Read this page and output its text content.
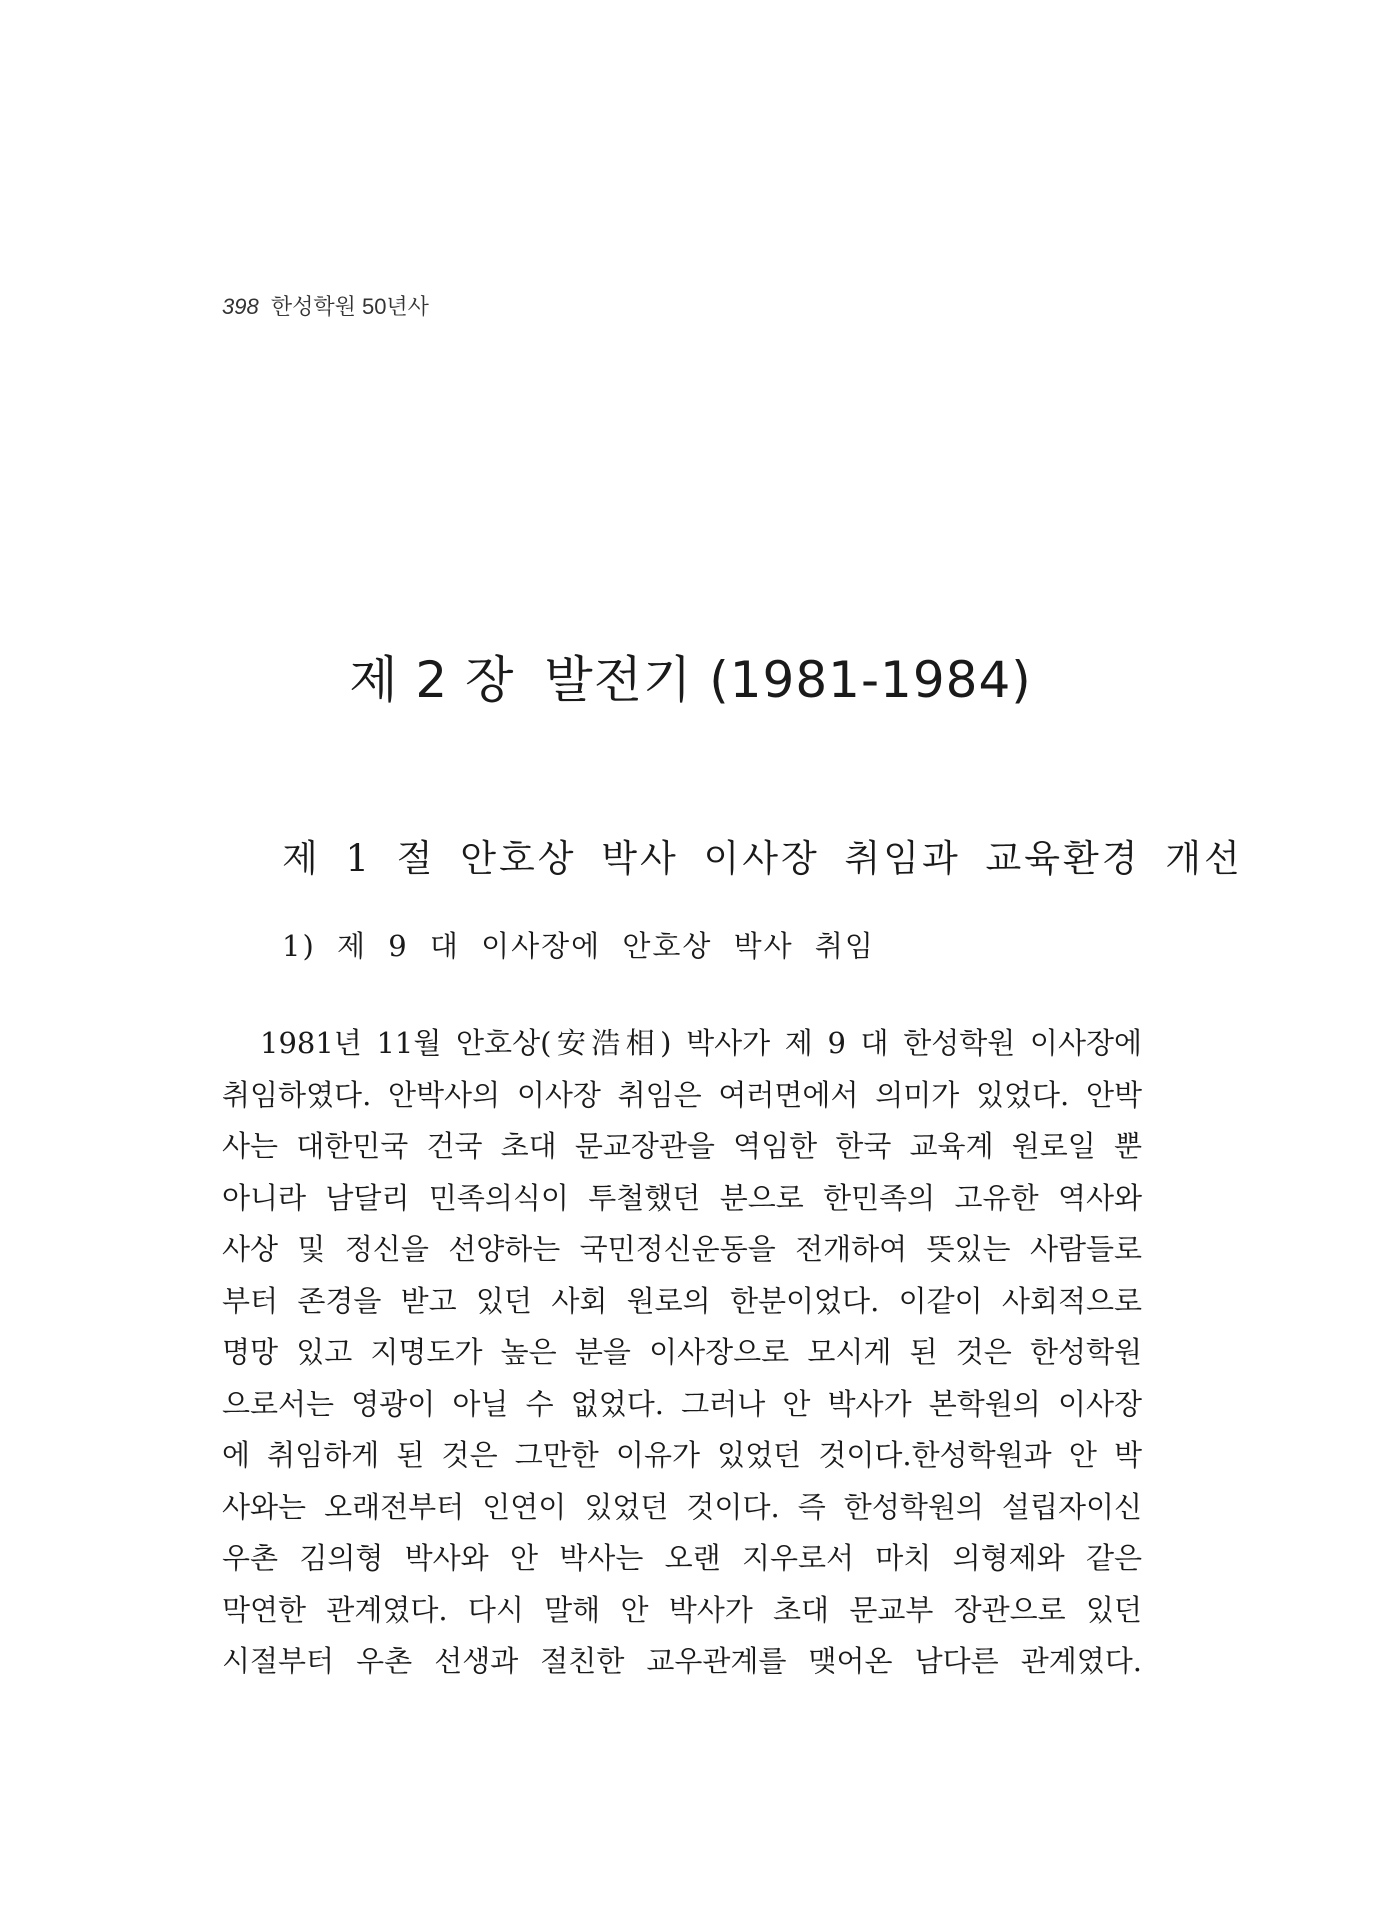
398 한성학원 50년사
제 2 장 발전기 (1981-1984)
제 1 절 안호상 박사 이사장 취임과 교육환경 개선
1) 제 9 대 이사장에 안호상 박사 취임
1981년 11월 안호상(安浩相) 박사가 제 9 대 한성학원 이사장에
취임하였다. 안박사의 이사장 취임은 여러면에서 의미가 있었다. 안박
사는 대한민국 건국 초대 문교장관을 역임한 한국 교육계 원로일 뿐
아니라 남달리 민족의식이 투철했던 분으로 한민족의 고유한 역사와
사상 및 정신을 선양하는 국민정신운동을 전개하여 뜻있는 사람들로
부터 존경을 받고 있던 사회 원로의 한분이었다. 이같이 사회적으로
명망 있고 지명도가 높은 분을 이사장으로 모시게 된 것은 한성학원
으로서는 영광이 아닐 수 없었다. 그러나 안 박사가 본학원의 이사장
에 취임하게 된 것은 그만한 이유가 있었던 것이다.한성학원과 안 박
사와는 오래전부터 인연이 있었던 것이다. 즉 한성학원의 설립자이신
우촌 김의형 박사와 안 박사는 오랜 지우로서 마치 의형제와 같은
막연한 관계였다. 다시 말해 안 박사가 초대 문교부 장관으로 있던
시절부터 우촌 선생과 절친한 교우관계를 맺어온 남다른 관계였다.
